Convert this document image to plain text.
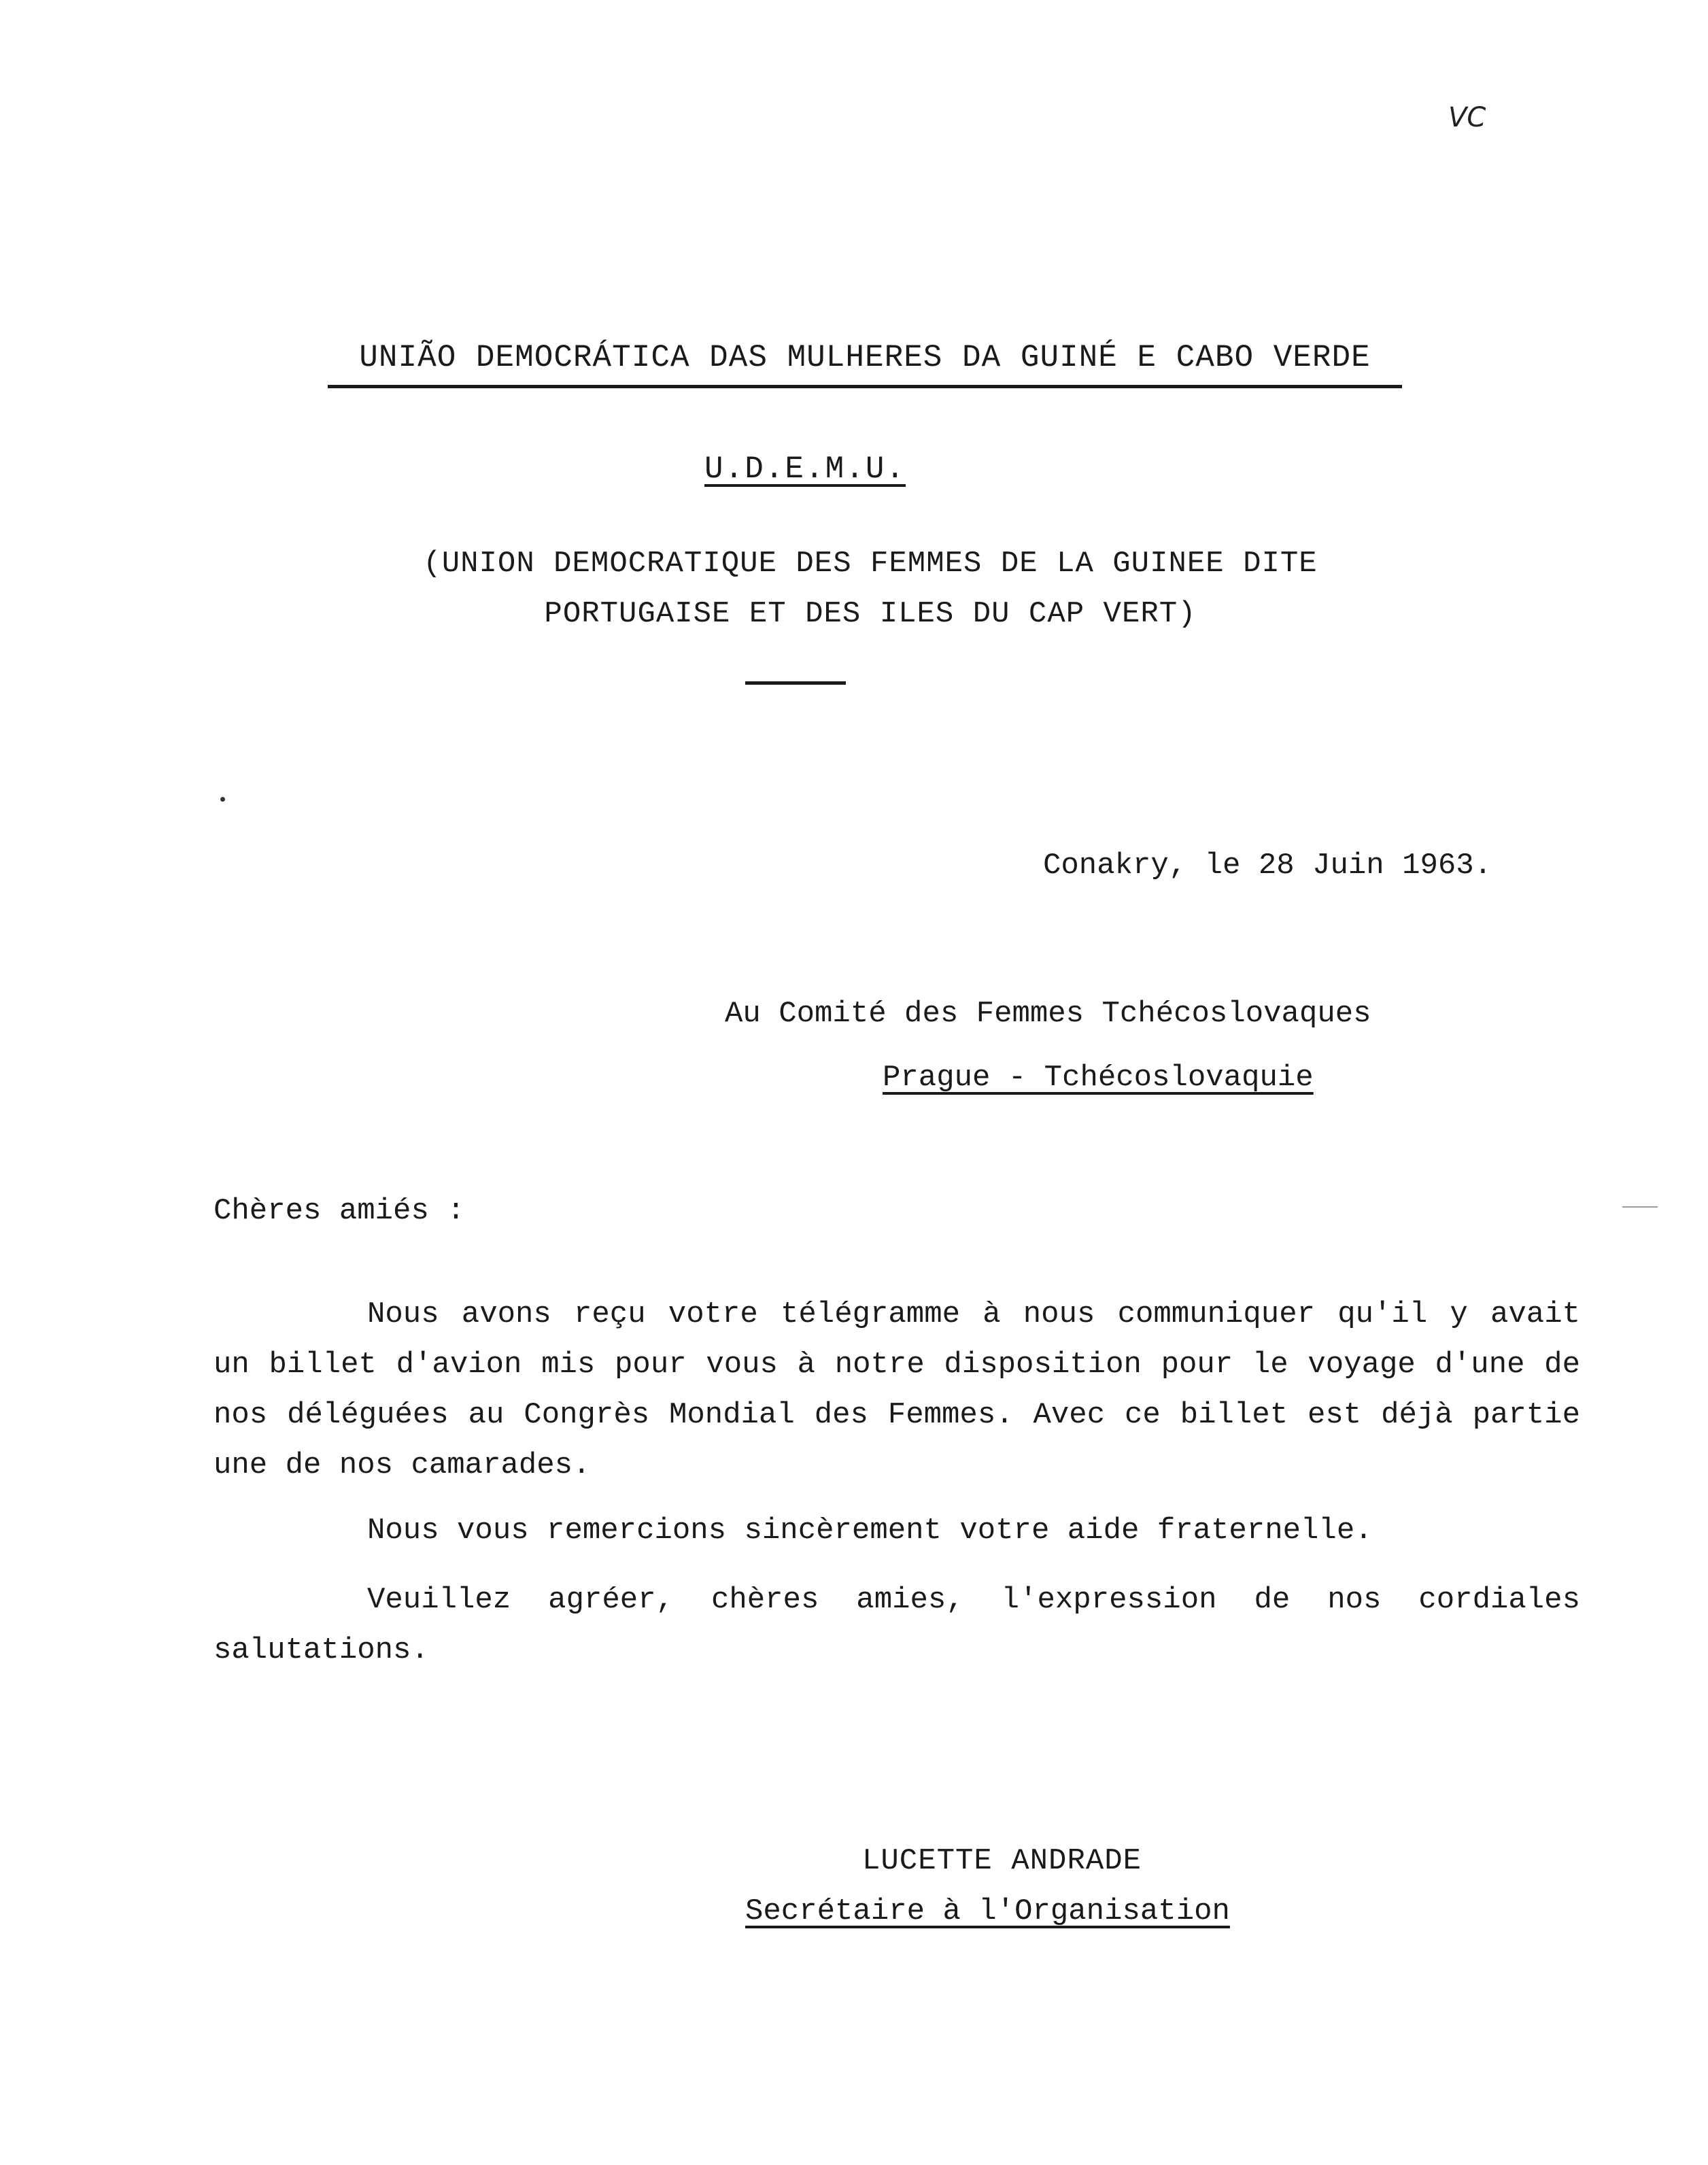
VC
UNIÃO DEMOCRÁTICA DAS MULHERES DA GUINÉ E CABO VERDE
U.D.E.M.U.
(UNION DEMOCRATIQUE DES FEMMES DE LA GUINEE DITE
PORTUGAISE ET DES ILES DU CAP VERT)
Conakry, le 28 Juin 1963.
Au Comité des Femmes Tchécoslovaques
Prague - Tchécoslovaquie
Chères amiés :
Nous avons reçu votre télégramme à nous communiquer qu'il y avait un billet d'avion mis pour vous à notre disposition pour le voyage d'une de nos déléguées au Congrès Mondial des Femmes. Avec ce billet est déjà partie une de nos camarades.
Nous vous remercions sincèrement votre aide fraternelle.
Veuillez agréer, chères amies, l'expression de nos cordiales salutations.
LUCETTE ANDRADE
Secrétaire à l'Organisation
